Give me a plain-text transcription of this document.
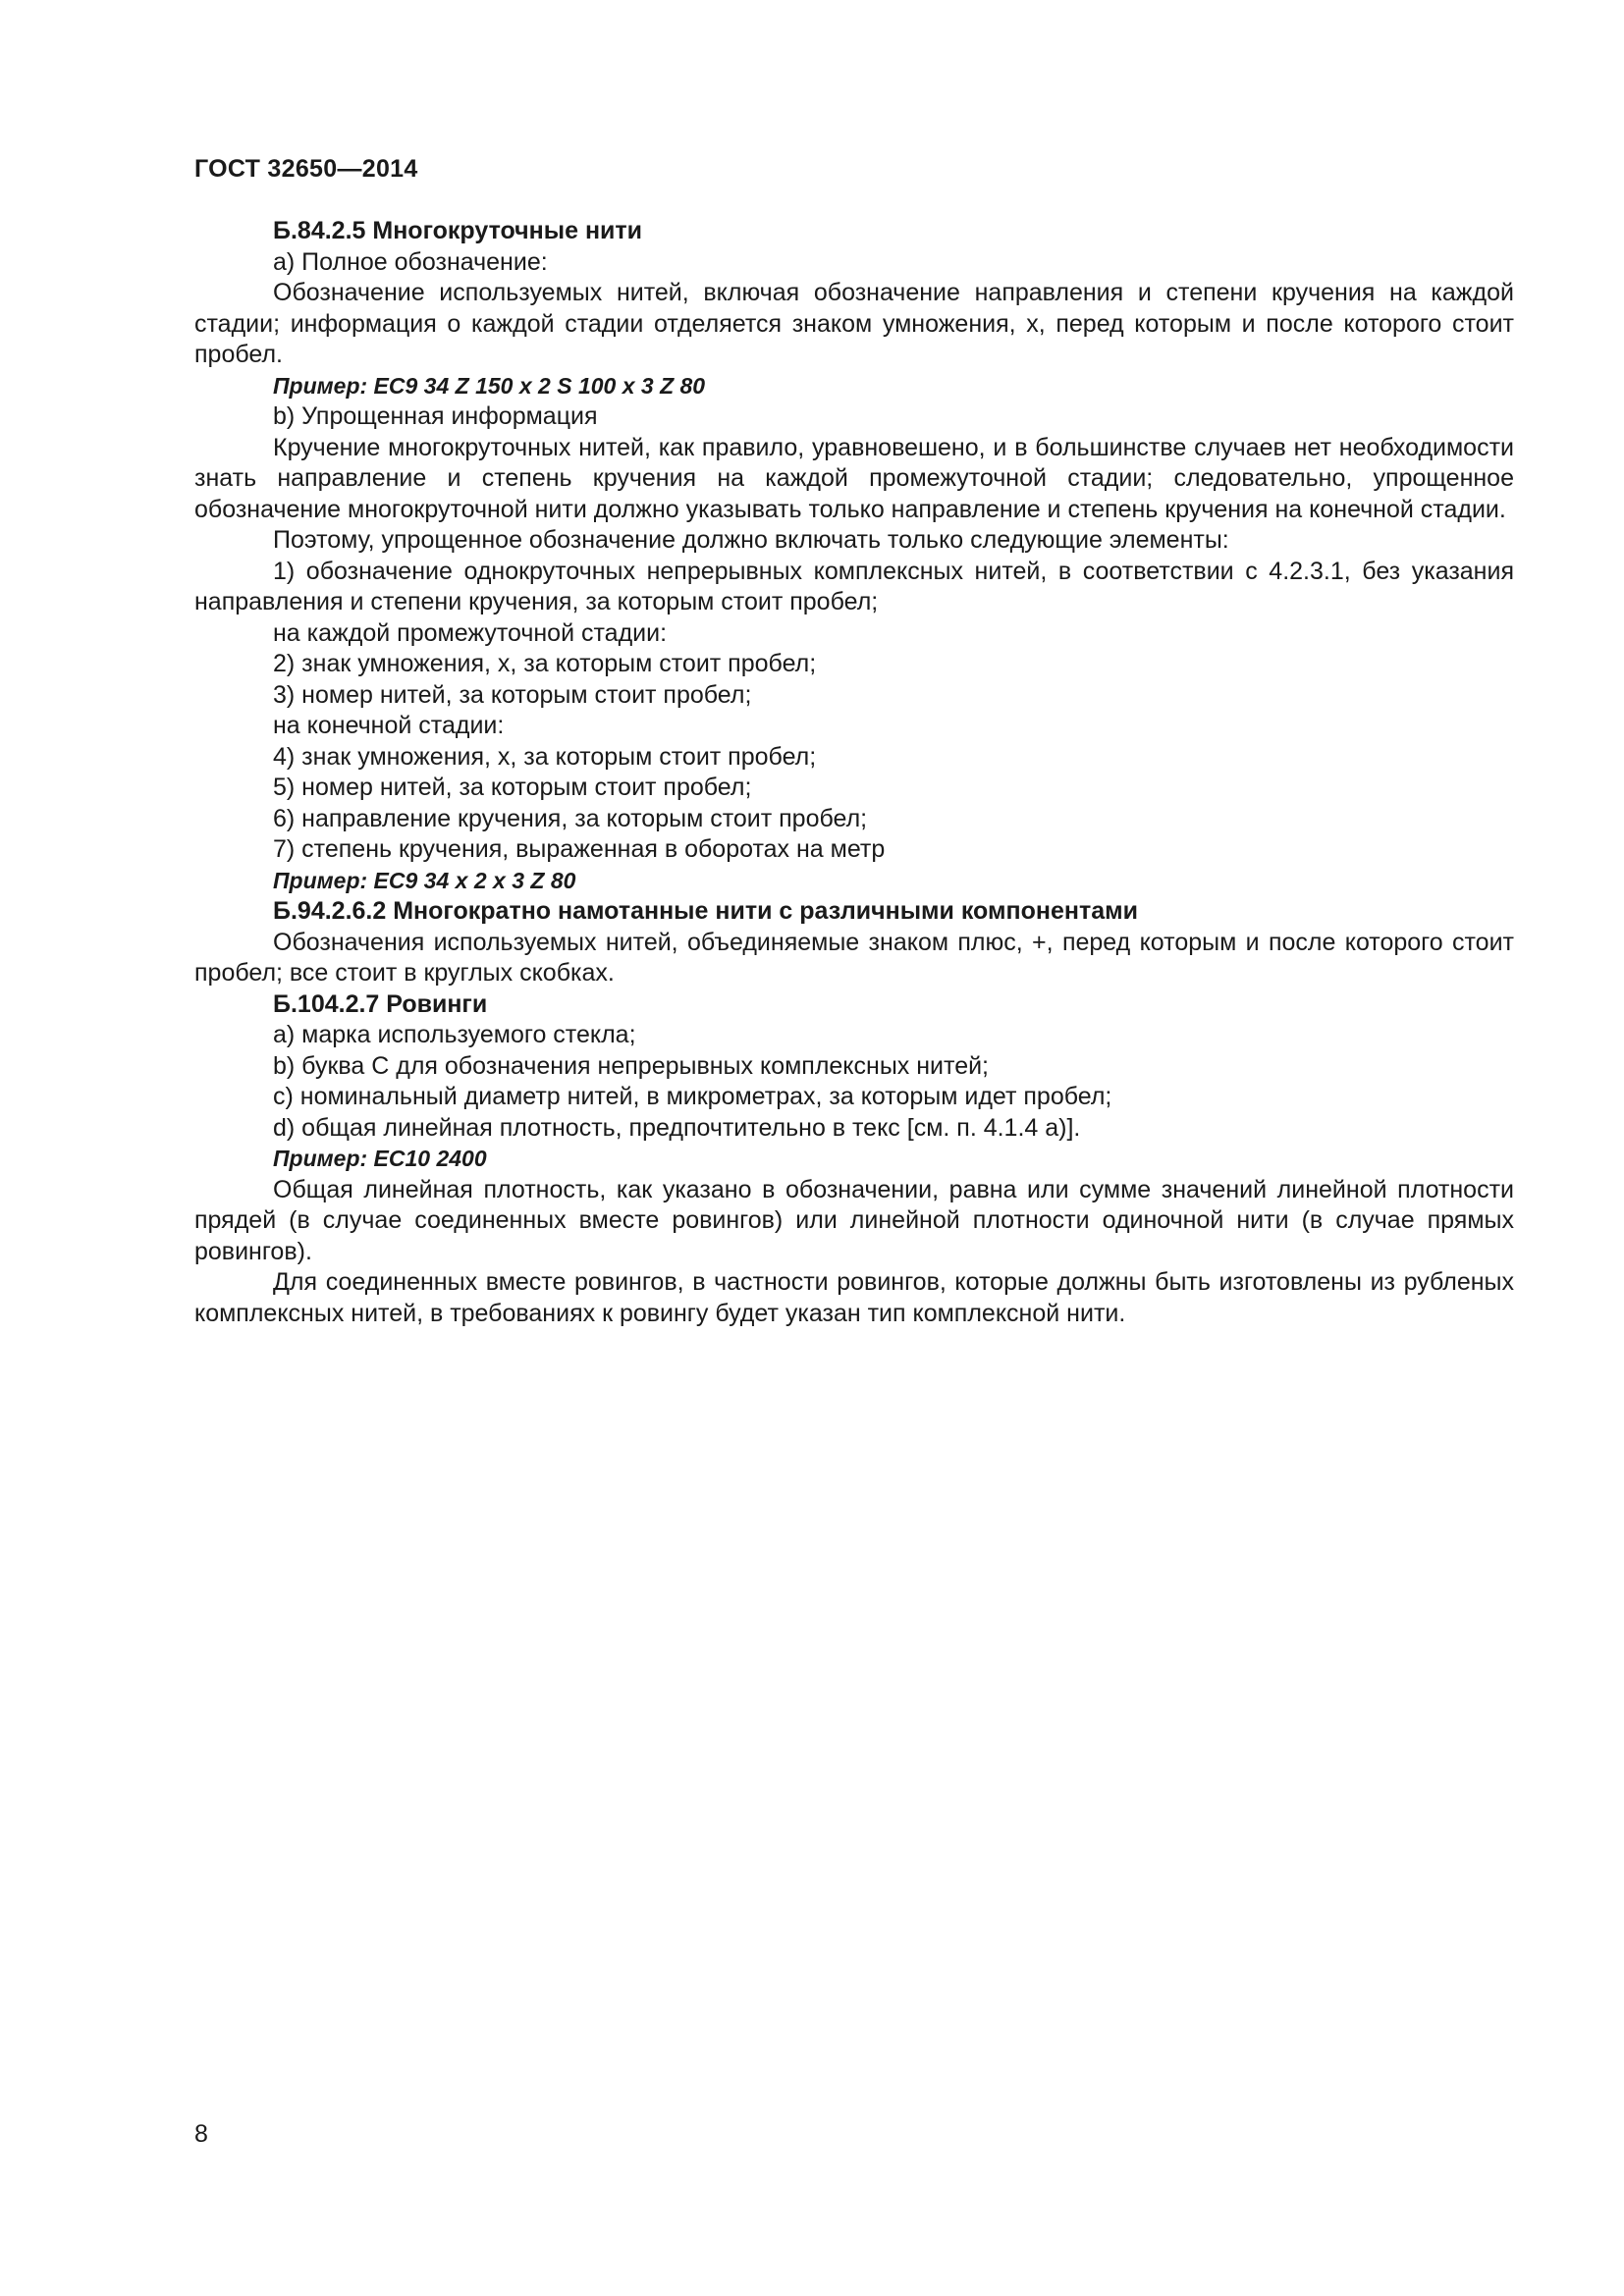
ГОСТ 32650—2014

Б.84.2.5 Многокруточные нити

a) Полное обозначение:

Обозначение используемых нитей, включая обозначение направления и степени кручения на каждой стадии; информация о каждой стадии отделяется знаком умножения, x, перед которым и после которого стоит пробел.

Пример: EC9 34 Z 150 x 2 S 100 x 3 Z 80

b) Упрощенная информация

Кручение многокруточных нитей, как правило, уравновешено, и в большинстве случаев нет необходимости знать направление и степень кручения на каждой промежуточной стадии; следовательно, упрощенное обозначение многокруточной нити должно указывать только направление и степень кручения на конечной стадии.

Поэтому, упрощенное обозначение должно включать только следующие элементы:

1) обозначение однокруточных непрерывных комплексных нитей, в соответствии с 4.2.3.1, без указания направления и степени кручения, за которым стоит пробел;

на каждой промежуточной стадии:

2) знак умножения, x, за которым стоит пробел;

3) номер нитей, за которым стоит пробел;

на конечной стадии:

4) знак умножения, x, за которым стоит пробел;

5) номер нитей, за которым стоит пробел;

6) направление кручения, за которым стоит пробел;

7) степень кручения, выраженная в оборотах на метр

Пример: EC9 34 x 2 x 3 Z 80

Б.94.2.6.2 Многократно намотанные нити с различными компонентами

Обозначения используемых нитей, объединяемые знаком плюс, +, перед которым и после которого стоит пробел; все стоит в круглых скобках.

Б.104.2.7 Ровинги

a) марка используемого стекла;

b) буква C для обозначения непрерывных комплексных нитей;

c) номинальный диаметр нитей, в микрометрах, за которым идет пробел;

d) общая линейная плотность, предпочтительно в текс [см. п. 4.1.4 a)].

Пример: EC10 2400

Общая линейная плотность, как указано в обозначении, равна или сумме значений линейной плотности прядей (в случае соединенных вместе ровингов) или линейной плотности одиночной нити (в случае прямых ровингов).

Для соединенных вместе ровингов, в частности ровингов, которые должны быть изготовлены из рубленых комплексных нитей, в требованиях к ровингу будет указан тип комплексной нити.

8
